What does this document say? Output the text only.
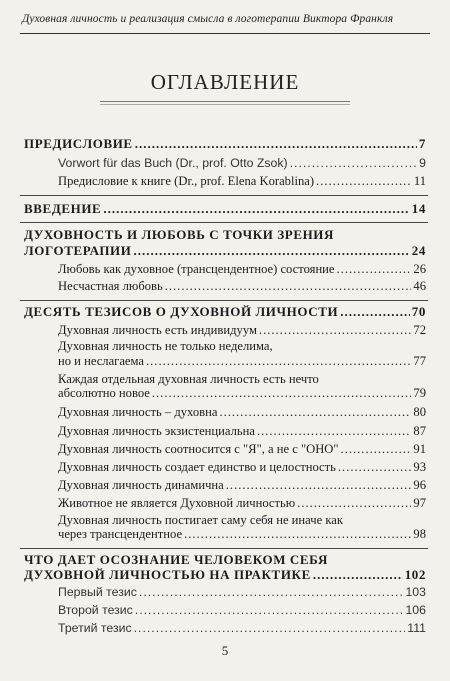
Духовная личность и реализация смысла в логотерапии Виктора Франкля
ОГЛАВЛЕНИЕ
ПРЕДИСЛОВИЕ .....	7
Vorwort für das Buch (Dr., prof. Otto Zsok) .....	9
Предисловие к книге (Dr., prof. Elena Korablina) .....	11
ВВЕДЕНИЕ .....	14
ДУХОВНОСТЬ И ЛЮБОВЬ С ТОЧКИ ЗРЕНИЯ
ЛОГОТЕРАПИИ .....	24
Любовь как духовное (трансцендентное) состояние .....	26
Несчастная любовь .....	46
ДЕСЯТЬ ТЕЗИСОВ О ДУХОВНОЙ ЛИЧНОСТИ .....	70
Духовная личность есть индивидуум .....	72
Духовная личность не только неделима,
но и неслагаема .....	77
Каждая отдельная духовная личность есть нечто
абсолютно новое .....	79
Духовная личность – духовна .....	80
Духовная личность экзистенциальна .....	87
Духовная личность соотносится с "Я", а не с "ОНО" .....	91
Духовная личность создает единство и целостность .....	93
Духовная личность динамична .....	96
Животное не является Духовной личностью .....	97
Духовная личность постигает саму себя не иначе как
через трансцендентное .....	98
ЧТО ДАЕТ ОСОЗНАНИЕ ЧЕЛОВЕКОМ СЕБЯ
ДУХОВНОЙ ЛИЧНОСТЬЮ НА ПРАКТИКЕ .....	102
Первый тезис .....	103
Второй тезис .....	106
Третий тезис .....	111
5
